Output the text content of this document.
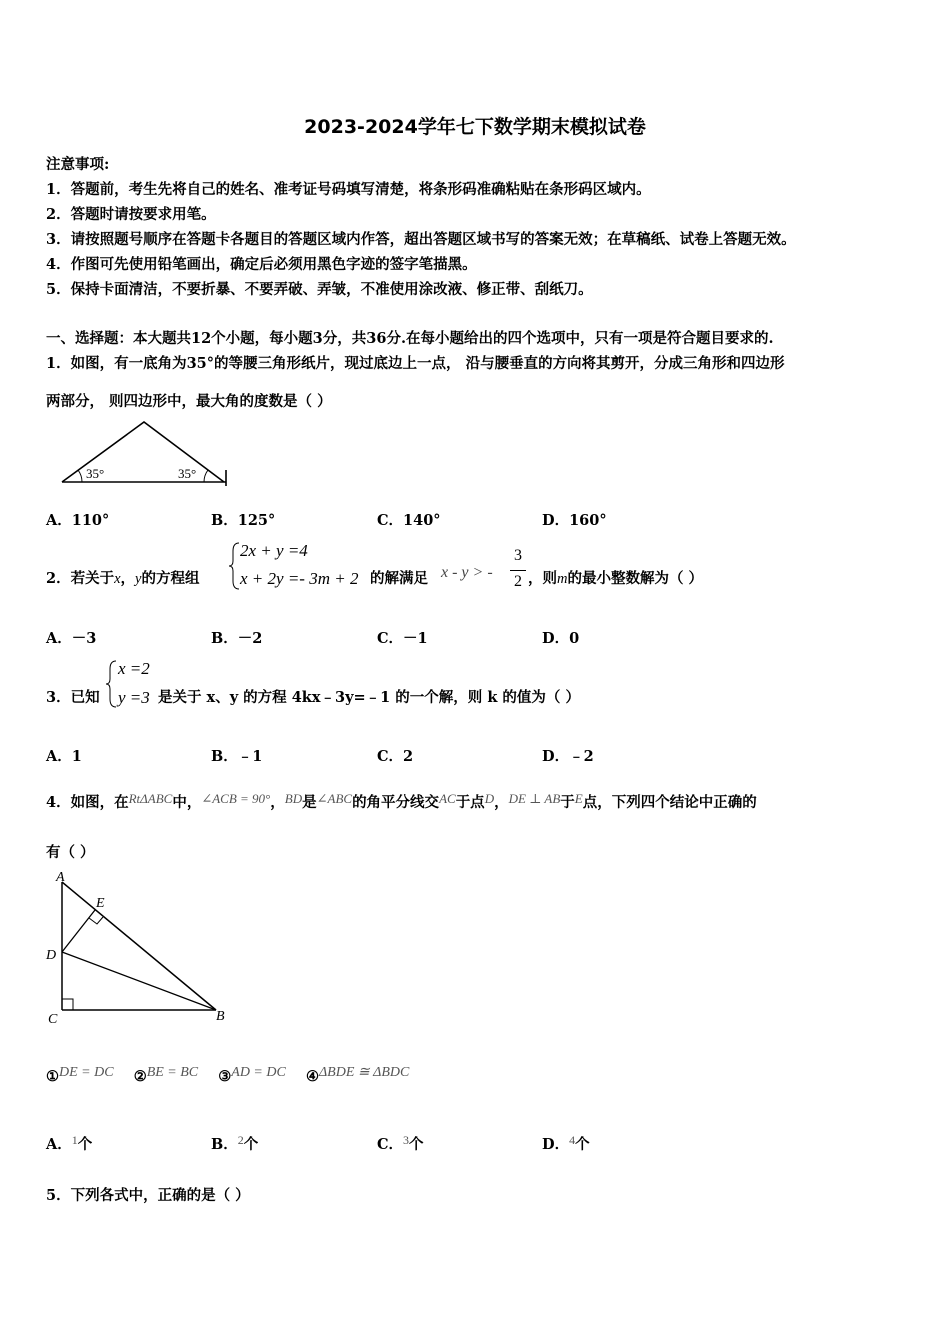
2023-2024学年七下数学期末模拟试卷
注意事项:
1．答题前，考生先将自己的姓名、准考证号码填写清楚，将条形码准确粘贴在条形码区域内。
2．答题时请按要求用笔。
3．请按照题号顺序在答题卡各题目的答题区域内作答，超出答题区域书写的答案无效；在草稿纸、试卷上答题无效。
4．作图可先使用铅笔画出，确定后必须用黑色字迹的签字笔描黑。
5．保持卡面清洁，不要折暴、不要弄破、弄皱，不准使用涂改液、修正带、刮纸刀。
一、选择题：本大题共12个小题，每小题3分，共36分.在每小题给出的四个选项中，只有一项是符合题目要求的.
1．如图，有一底角为35°的等腰三角形纸片，现过底边上一点， 沿与腰垂直的方向将其剪开，分成三角形和四边形
两部分， 则四边形中，最大角的度数是（ ）
35°	35°
A．110°	B．125°	C．140°	D．160°
2．若关于x，y的方程组
2x + y =4
x + 2y =- 3m + 2 的解满足 x - y > -
3
2 ，则m的最小整数解为（ ）
A．－3	B．－2	C．－1	D．0
3．已知
x =2
y =3 是关于 x、y 的方程 4kx﹣3y=﹣1 的一个解，则 k 的值为（ ）
A．1	B．﹣1	C．2	D．﹣2
4．如图，在RtΔABC中，∠ACB = 90°，BD是∠ABC的角平分线交AC于点D，DE ⊥ AB于E点，下列四个结论中正确的
有（ ）
A
E
D
C	B
①DE = DC ②BE = BC ③AD = DC ④ΔBDE ≅ ΔBDC
A．$^1$个	B．$^2$个	C．$^3$个	D．$^4$个
5．下列各式中，正确的是（ ）
